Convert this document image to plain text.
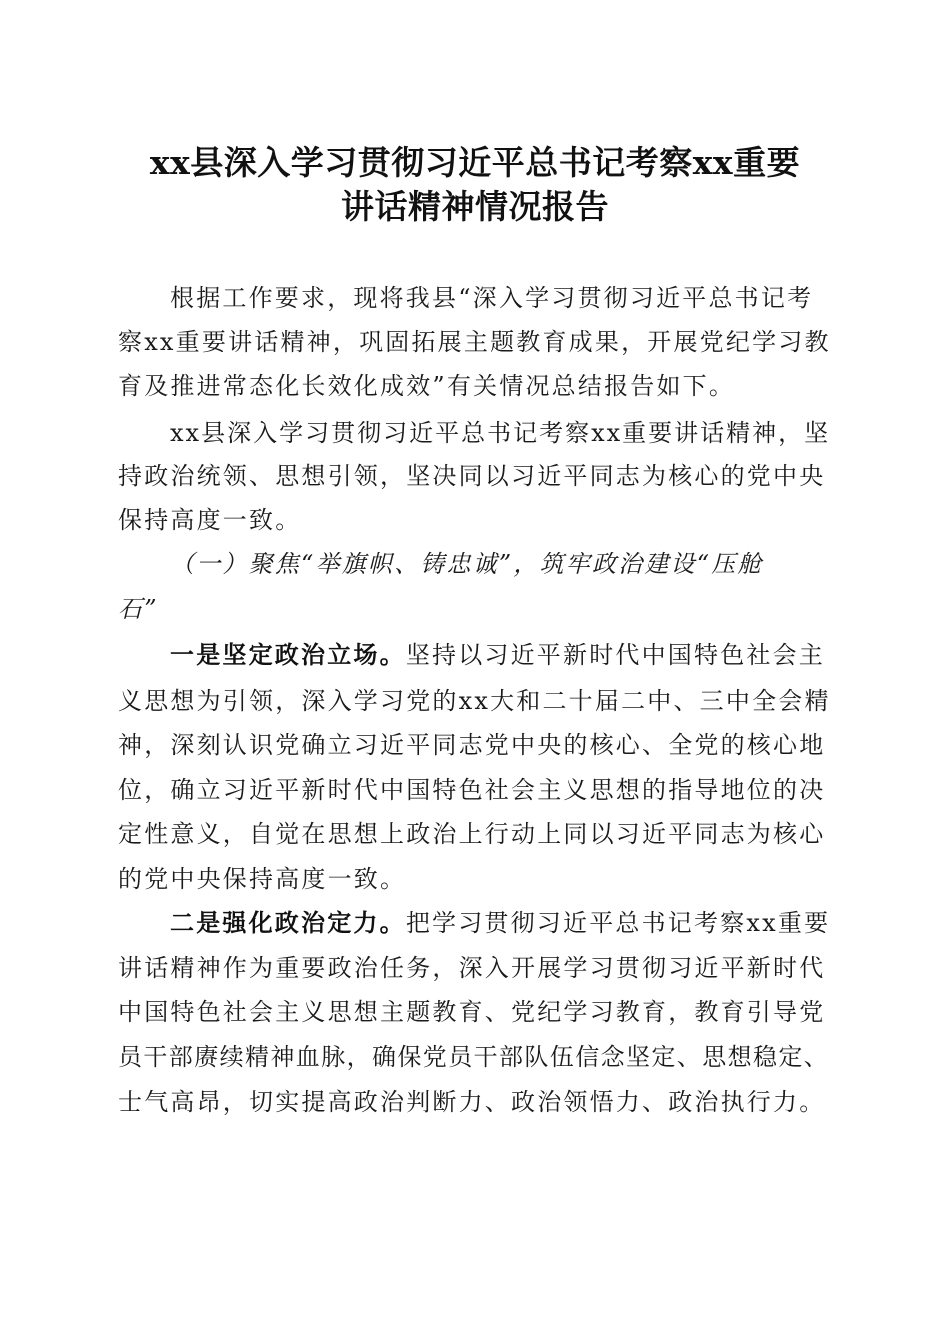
xx县深入学习贯彻习近平总书记考察xx重要
讲话精神情况报告
根据工作要求，现将我县“深入学习贯彻习近平总书记考
察xx重要讲话精神，巩固拓展主题教育成果，开展党纪学习教
育及推进常态化长效化成效”有关情况总结报告如下。
xx县深入学习贯彻习近平总书记考察xx重要讲话精神，坚
持政治统领、思想引领，坚决同以习近平同志为核心的党中央
保持高度一致。
（一）聚焦“举旗帜、铸忠诚”，筑牢政治建设“压舱
石”
一是坚定政治立场。坚持以习近平新时代中国特色社会主
义思想为引领，深入学习党的xx大和二十届二中、三中全会精
神，深刻认识党确立习近平同志党中央的核心、全党的核心地
位，确立习近平新时代中国特色社会主义思想的指导地位的决
定性意义，自觉在思想上政治上行动上同以习近平同志为核心
的党中央保持高度一致。
二是强化政治定力。把学习贯彻习近平总书记考察xx重要
讲话精神作为重要政治任务，深入开展学习贯彻习近平新时代
中国特色社会主义思想主题教育、党纪学习教育，教育引导党
员干部赓续精神血脉，确保党员干部队伍信念坚定、思想稳定、
士气高昂，切实提高政治判断力、政治领悟力、政治执行力。
